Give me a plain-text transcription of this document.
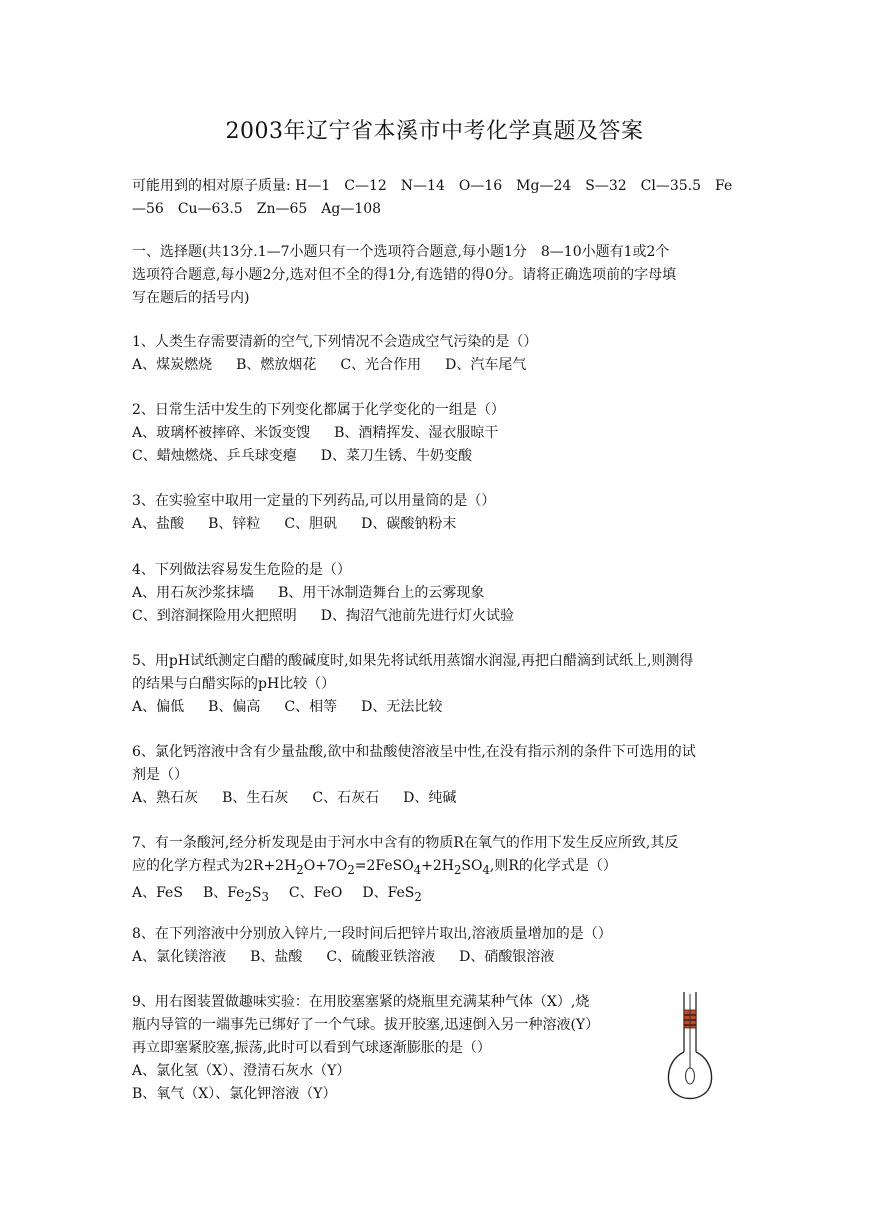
2003年辽宁省本溪市中考化学真题及答案
可能用到的相对原子质量: H—1　C—12　N—14　O—16　Mg—24　S—32　Cl—35.5　Fe
—56　Cu—63.5　Zn—65　Ag—108
一、选择题(共13分.1—7小题只有一个选项符合题意,每小题1分　8—10小题有1或2个
选项符合题意,每小题2分,选对但不全的得1分,有选错的得0分。请将正确选项前的字母填
写在题后的括号内)
1、人类生存需要清新的空气,下列情况不会造成空气污染的是（）
A、煤炭燃烧 B、燃放烟花 C、光合作用 D、汽车尾气
2、日常生活中发生的下列变化都属于化学变化的一组是（）
A、玻璃杯被摔碎、米饭变馊 B、酒精挥发、湿衣服晾干
C、蜡烛燃烧、乒乓球变瘪 D、菜刀生锈、牛奶变酸
3、在实验室中取用一定量的下列药品,可以用量筒的是（）
A、盐酸 B、锌粒 C、胆矾 D、碳酸钠粉末
4、下列做法容易发生危险的是（）
A、用石灰沙浆抹墙 B、用干冰制造舞台上的云雾现象
C、到溶洞探险用火把照明 D、掏沼气池前先进行灯火试验
5、用pH试纸测定白醋的酸碱度时,如果先将试纸用蒸馏水润湿,再把白醋滴到试纸上,则测得
的结果与白醋实际的pH比较（）
A、偏低 B、偏高 C、相等 D、无法比较
6、氯化钙溶液中含有少量盐酸,欲中和盐酸使溶液呈中性,在没有指示剂的条件下可选用的试
剂是（）
A、熟石灰 B、生石灰 C、石灰石 D、纯碱
7、有一条酸河,经分析发现是由于河水中含有的物质R在氧气的作用下发生反应所致,其反
应的化学方程式为$2R+2H_2O+7O_2=2FeSO_4+2H_2SO_4$,则R的化学式是（）
A、FeS B、$Fe_2S_3$ C、FeO D、FeS$_2$
8、在下列溶液中分别放入锌片,一段时间后把锌片取出,溶液质量增加的是（）
A、氯化镁溶液 B、盐酸 C、硫酸亚铁溶液 D、硝酸银溶液
9、用右图装置做趣味实验：在用胶塞塞紧的烧瓶里充满某种气体（X）,烧
瓶内导管的一端事先已绑好了一个气球。拔开胶塞,迅速倒入另一种溶液(Y）
再立即塞紧胶塞,振荡,此时可以看到气球逐渐膨胀的是（）
A、氯化氢（X）、澄清石灰水（Y）
B、氧气（X）、氯化钾溶液（Y）
